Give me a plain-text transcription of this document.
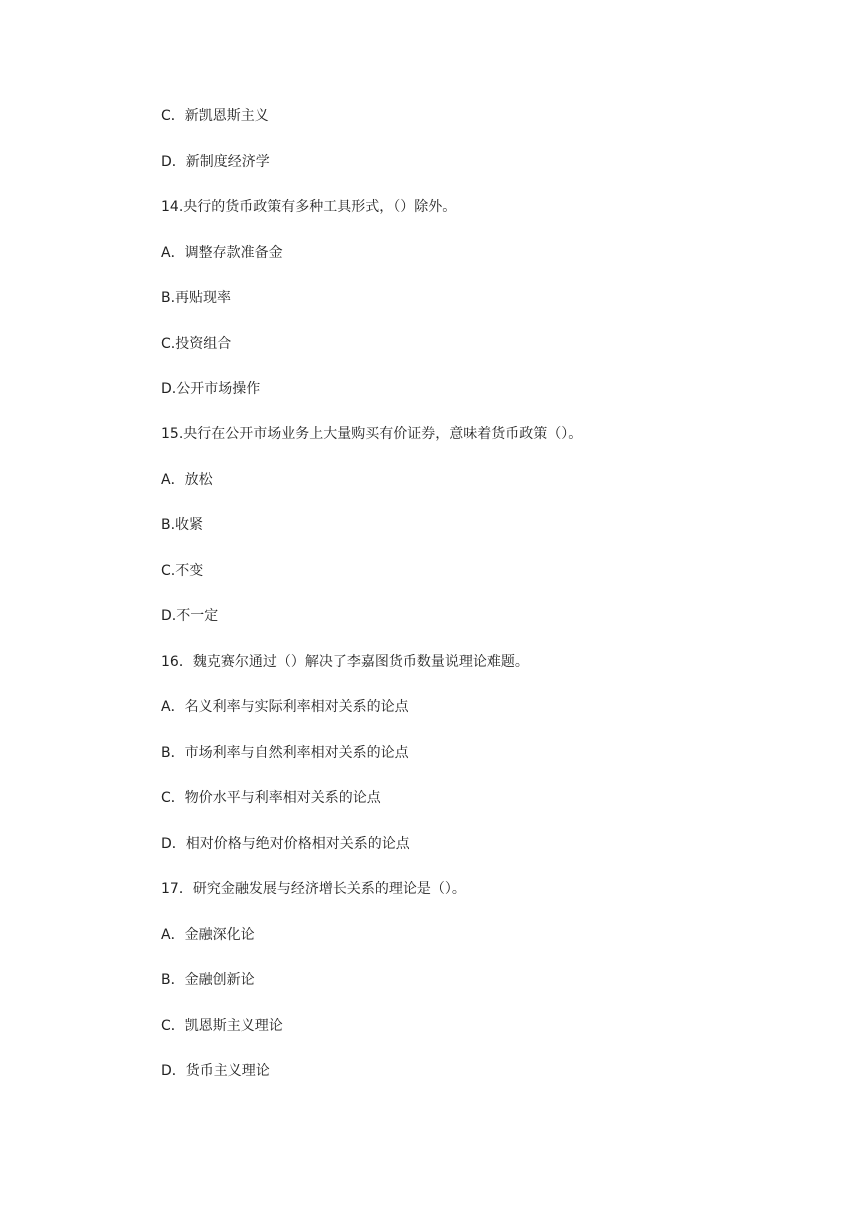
C．新凯恩斯主义
D．新制度经济学
14.央行的货币政策有多种工具形式，（）除外。
A．调整存款准备金
B.再贴现率
C.投资组合
D.公开市场操作
15.央行在公开市场业务上大量购买有价证券，意味着货币政策（）。
A．放松
B.收紧
C.不变
D.不一定
16．魏克赛尔通过（）解决了李嘉图货币数量说理论难题。
A．名义利率与实际利率相对关系的论点
B．市场利率与自然利率相对关系的论点
C．物价水平与利率相对关系的论点
D．相对价格与绝对价格相对关系的论点
17．研究金融发展与经济增长关系的理论是（）。
A．金融深化论
B．金融创新论
C．凯恩斯主义理论
D．货币主义理论
